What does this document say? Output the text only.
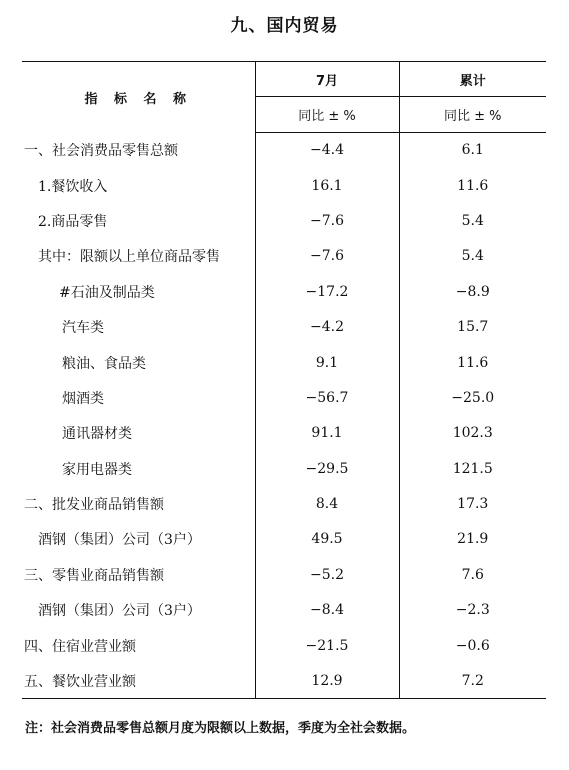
九、国内贸易
指 标 名 称	7月	累计
	同比 ± %	同比 ± %
一、社会消费品零售总额	−4.4	6.1
1.餐饮收入	16.1	11.6
2.商品零售	−7.6	5.4
其中：限额以上单位商品零售	−7.6	5.4
#石油及制品类	−17.2	−8.9
汽车类	−4.2	15.7
粮油、食品类	9.1	11.6
烟酒类	−56.7	−25.0
通讯器材类	91.1	102.3
家用电器类	−29.5	121.5
二、批发业商品销售额	8.4	17.3
酒钢（集团）公司（3户）	49.5	21.9
三、零售业商品销售额	−5.2	7.6
酒钢（集团）公司（3户）	−8.4	−2.3
四、住宿业营业额	−21.5	−0.6
五、餐饮业营业额	12.9	7.2
注：社会消费品零售总额月度为限额以上数据，季度为全社会数据。
